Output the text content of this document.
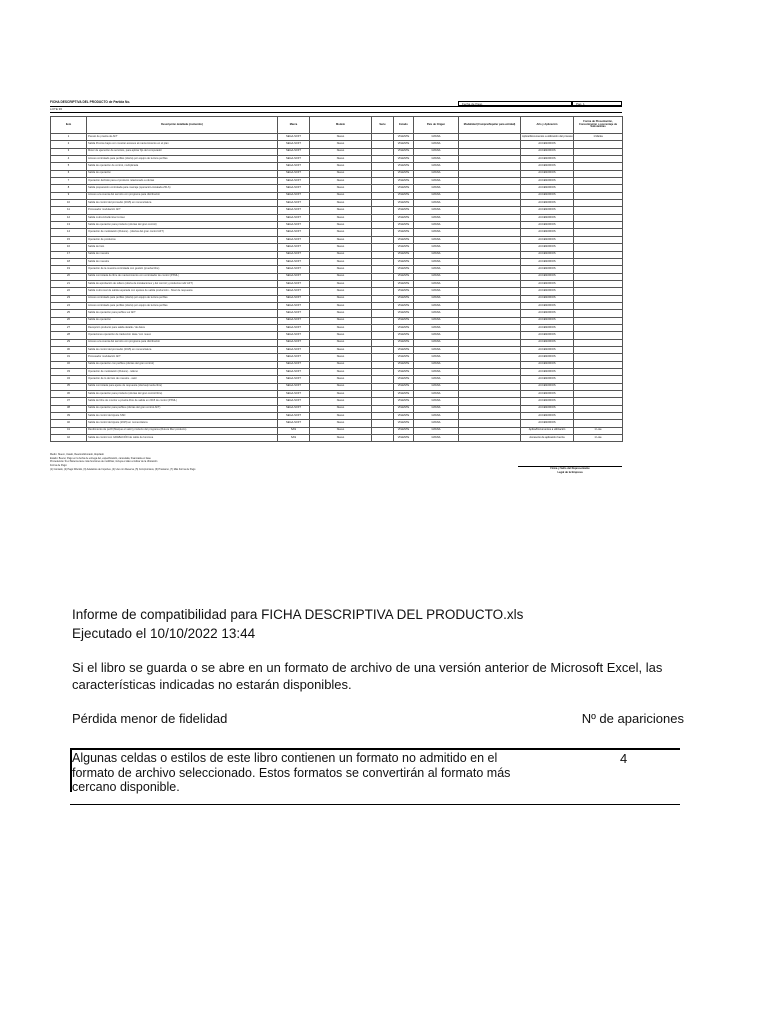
FICHA DESCRIPTIVA DEL PRODUCTO de Partida No.
LOTE 36
Fecha de Pago	Pag. 1
Item	Descripción detallada (contenido)	Marca	Modelo	Serie	Estado	País de Origen	Modalidad (Compra/Alquiler para entidad)	Año y Aplicación	Forma de Presentación, Concentración o porcentaje de Substancias
1	Puesto de prueba de AFT	SEGA-SOFT	Nuevo		VIGENTE	GPANA		Aplica/Documentos a utilización del proceso	1 Marka
2	Salida Precios bajos con mostrar accesos al mantenimiento en el plan	SEGA-SOFT	Nuevo		VIGENTE	GPANA		ACCESORIOS	
3	Motor de ejecución de servicios, para aplicar fijo del computador	SEGA-SOFT	Nuevo		VIGENTE	GPANA		ACCESORIOS	
4	Acceso controlado para perfiles (oferta) por equipo de lectura perfiles	SEGA-SOFT	Nuevo		VIGENTE	GPANA		ACCESORIOS	
5	Salida de operación de control, multiplicada	SEGA-SOFT	Nuevo		VIGENTE	GPANA		ACCESORIOS	
6	Salida de operación	SEGA-SOFT	Nuevo		VIGENTE	GPANA		ACCESORIOS	
7	Operación definido para el producto relacionado a ofertas	SEGA-SOFT	Nuevo		VIGENTE	GPANA		ACCESORIOS	
8	Salida preparación controlada para marcaje (operación-instalada ZFLS)	SEGA-SOFT	Nuevo		VIGENTE	GPANA		ACCESORIOS	
9	Acceso a la cuenta del servicio con programa para distribución	SEGA-SOFT	Nuevo		VIGENTE	GPANA		ACCESORIOS	
10	Salida de control del promedio (2015) en nomenclatura	SEGA-SOFT	Nuevo		VIGENTE	GPANA		ACCESORIOS	
11	Procesador modulación AFT	SEGA-SOFT	Nuevo		VIGENTE	GPANA		ACCESORIOS	
12	Salida multi-ciclo/lámina Conteo	SEGA-SOFT	Nuevo		VIGENTE	GPANA		ACCESORIOS	
13	Salida de operación para producto (ofertas del gran control)	SEGA-SOFT	Nuevo		VIGENTE	GPANA		ACCESORIOS	
14	Operación de modulación (Rutura) - (ofertas del gran control AFT)	SEGA-SOFT	Nuevo		VIGENTE	GPANA		ACCESORIOS	
15	Operación de productos	SEGA-SOFT	Nuevo		VIGENTE	GPANA		ACCESORIOS	
16	Salida de listo	SEGA-SOFT	Nuevo		VIGENTE	GPANA		ACCESORIOS	
17	Salida de muestra	SEGA-SOFT	Nuevo		VIGENTE	GPANA		ACCESORIOS	
18	Salida de muestra	SEGA-SOFT	Nuevo		VIGENTE	GPANA		ACCESORIOS	
19	Operación de la muestra controlada con gestión (prueba libre)	SEGA-SOFT	Nuevo		VIGENTE	GPANA		ACCESORIOS	
20	Salida controlada de libre de mantenimiento con controlador de control (PXML)	SEGA-SOFT	Nuevo		VIGENTE	GPANA		ACCESORIOS	
21	Salida de aprobación de relleno (oferta de instalaciones y del control y productos indir AFT)	SEGA-SOFT	Nuevo		VIGENTE	GPANA		ACCESORIOS	
22	Salida multi-nivel de salida separada con ajustes de salida producción - Nivel de respuesta	SEGA-SOFT	Nuevo		VIGENTE	GPANA		ACCESORIOS	
23	Acceso controlado para perfiles (oferta) por equipo de lectura perfiles	SEGA-SOFT	Nuevo		VIGENTE	GPANA		ACCESORIOS	
24	Acceso controlado para perfiles (oferta) por equipo de lectura perfiles	SEGA-SOFT	Nuevo		VIGENTE	GPANA		ACCESORIOS	
25	Salida de operación para perfiles sur AFT	SEGA-SOFT	Nuevo		VIGENTE	GPANA		ACCESORIOS	
26	Salida de operación	SEGA-SOFT	Nuevo		VIGENTE	GPANA		ACCESORIOS	
27	Recepción producto para salida detalle / de datos	SEGA-SOFT	Nuevo		VIGENTE	GPANA		ACCESORIOS	
28	Operaciones operación de traducción data / con nuevo	SEGA-SOFT	Nuevo		VIGENTE	GPANA		ACCESORIOS	
29	Acceso a la cuenta del servicio con programa para distribución	SEGA-SOFT	Nuevo		VIGENTE	GPANA		ACCESORIOS	
30	Salida de control del promedio (2015) en nomenclatura	SEGA-SOFT	Nuevo		VIGENTE	GPANA		ACCESORIOS	
31	Procesador modulación AFT	SEGA-SOFT	Nuevo		VIGENTE	GPANA		ACCESORIOS	
32	Salida de operación con perfiles (ofertas del gran control)	SEGA-SOFT	Nuevo		VIGENTE	GPANA		ACCESORIOS	
33	Operación de modulación (Rutura) - relleno	SEGA-SOFT	Nuevo		VIGENTE	GPANA		ACCESORIOS	
34	Operación de lo de listo de muestra - valor	SEGA-SOFT	Nuevo		VIGENTE	GPANA		ACCESORIOS	
35	Salida controlada para ajuste de respuesta (ofertas/prueba libre)	SEGA-SOFT	Nuevo		VIGENTE	GPANA		ACCESORIOS	
36	Salida de operación para producto (ofertas del gran control libre)	SEGA-SOFT	Nuevo		VIGENTE	GPANA		ACCESORIOS	
37	Salida de libre de monitor a prueba libre de salida en 2015 de control (PXML)	SEGA-SOFT	Nuevo		VIGENTE	GPANA		ACCESORIOS	
38	Salida de operación para perfiles (ofertas del gran control AFT)	SEGA-SOFT	Nuevo		VIGENTE	GPANA		ACCESORIOS	
39	Salida de control del Ajuste SSD	SEGA-SOFT	Nuevo		VIGENTE	GPANA		ACCESORIOS	
40	Salida de control del Ajuste (2015) en nomenclatura	SEGA-SOFT	Nuevo		VIGENTE	GPANA		ACCESORIOS	
41	Rendimiento de perfil (Marque el valor) producto del programa (Rutura filter producto)	SAS	Nuevo		VIGENTE	GPANA		Aplica/Documentos a utilización	1 Lote
42	Salida de control con GRABACIÓN de cable de funciona	SAS	Nuevo		VIGENTE	GPANA		Accesorio de aplicación fuerza	1 Lote
Medio: Nuevo, Usado, Reacondicionado, Alquilado
Estado: Bueno; Pago en la fecha de entrega del, especificación, cancelada, financiada en base
Procedencia: Si el Sistema tiene más funciones de modificar, incluya el dato a indicar de la Ubicación
Forma de Pago:
(1) Contado, (2) Pago Diferido, (3) Adelantos de Importes, (4) Uso con Reserva, (5) Compromisos, (6) Préstamo, (7) Más Forma de Pago	Firma y Sello del Representante
Legal de la Empresa
Informe de compatibilidad para FICHA DESCRIPTIVA DEL PRODUCTO.xls
Ejecutado el 10/10/2022 13:44
Si el libro se guarda o se abre en un formato de archivo de una versión anterior de Microsoft Excel, las características indicadas no estarán disponibles.
Pérdida menor de fidelidad	Nº de apariciones
Algunas celdas o estilos de este libro contienen un formato no admitido en el formato de archivo seleccionado. Estos formatos se convertirán al formato más cercano disponible.
4
